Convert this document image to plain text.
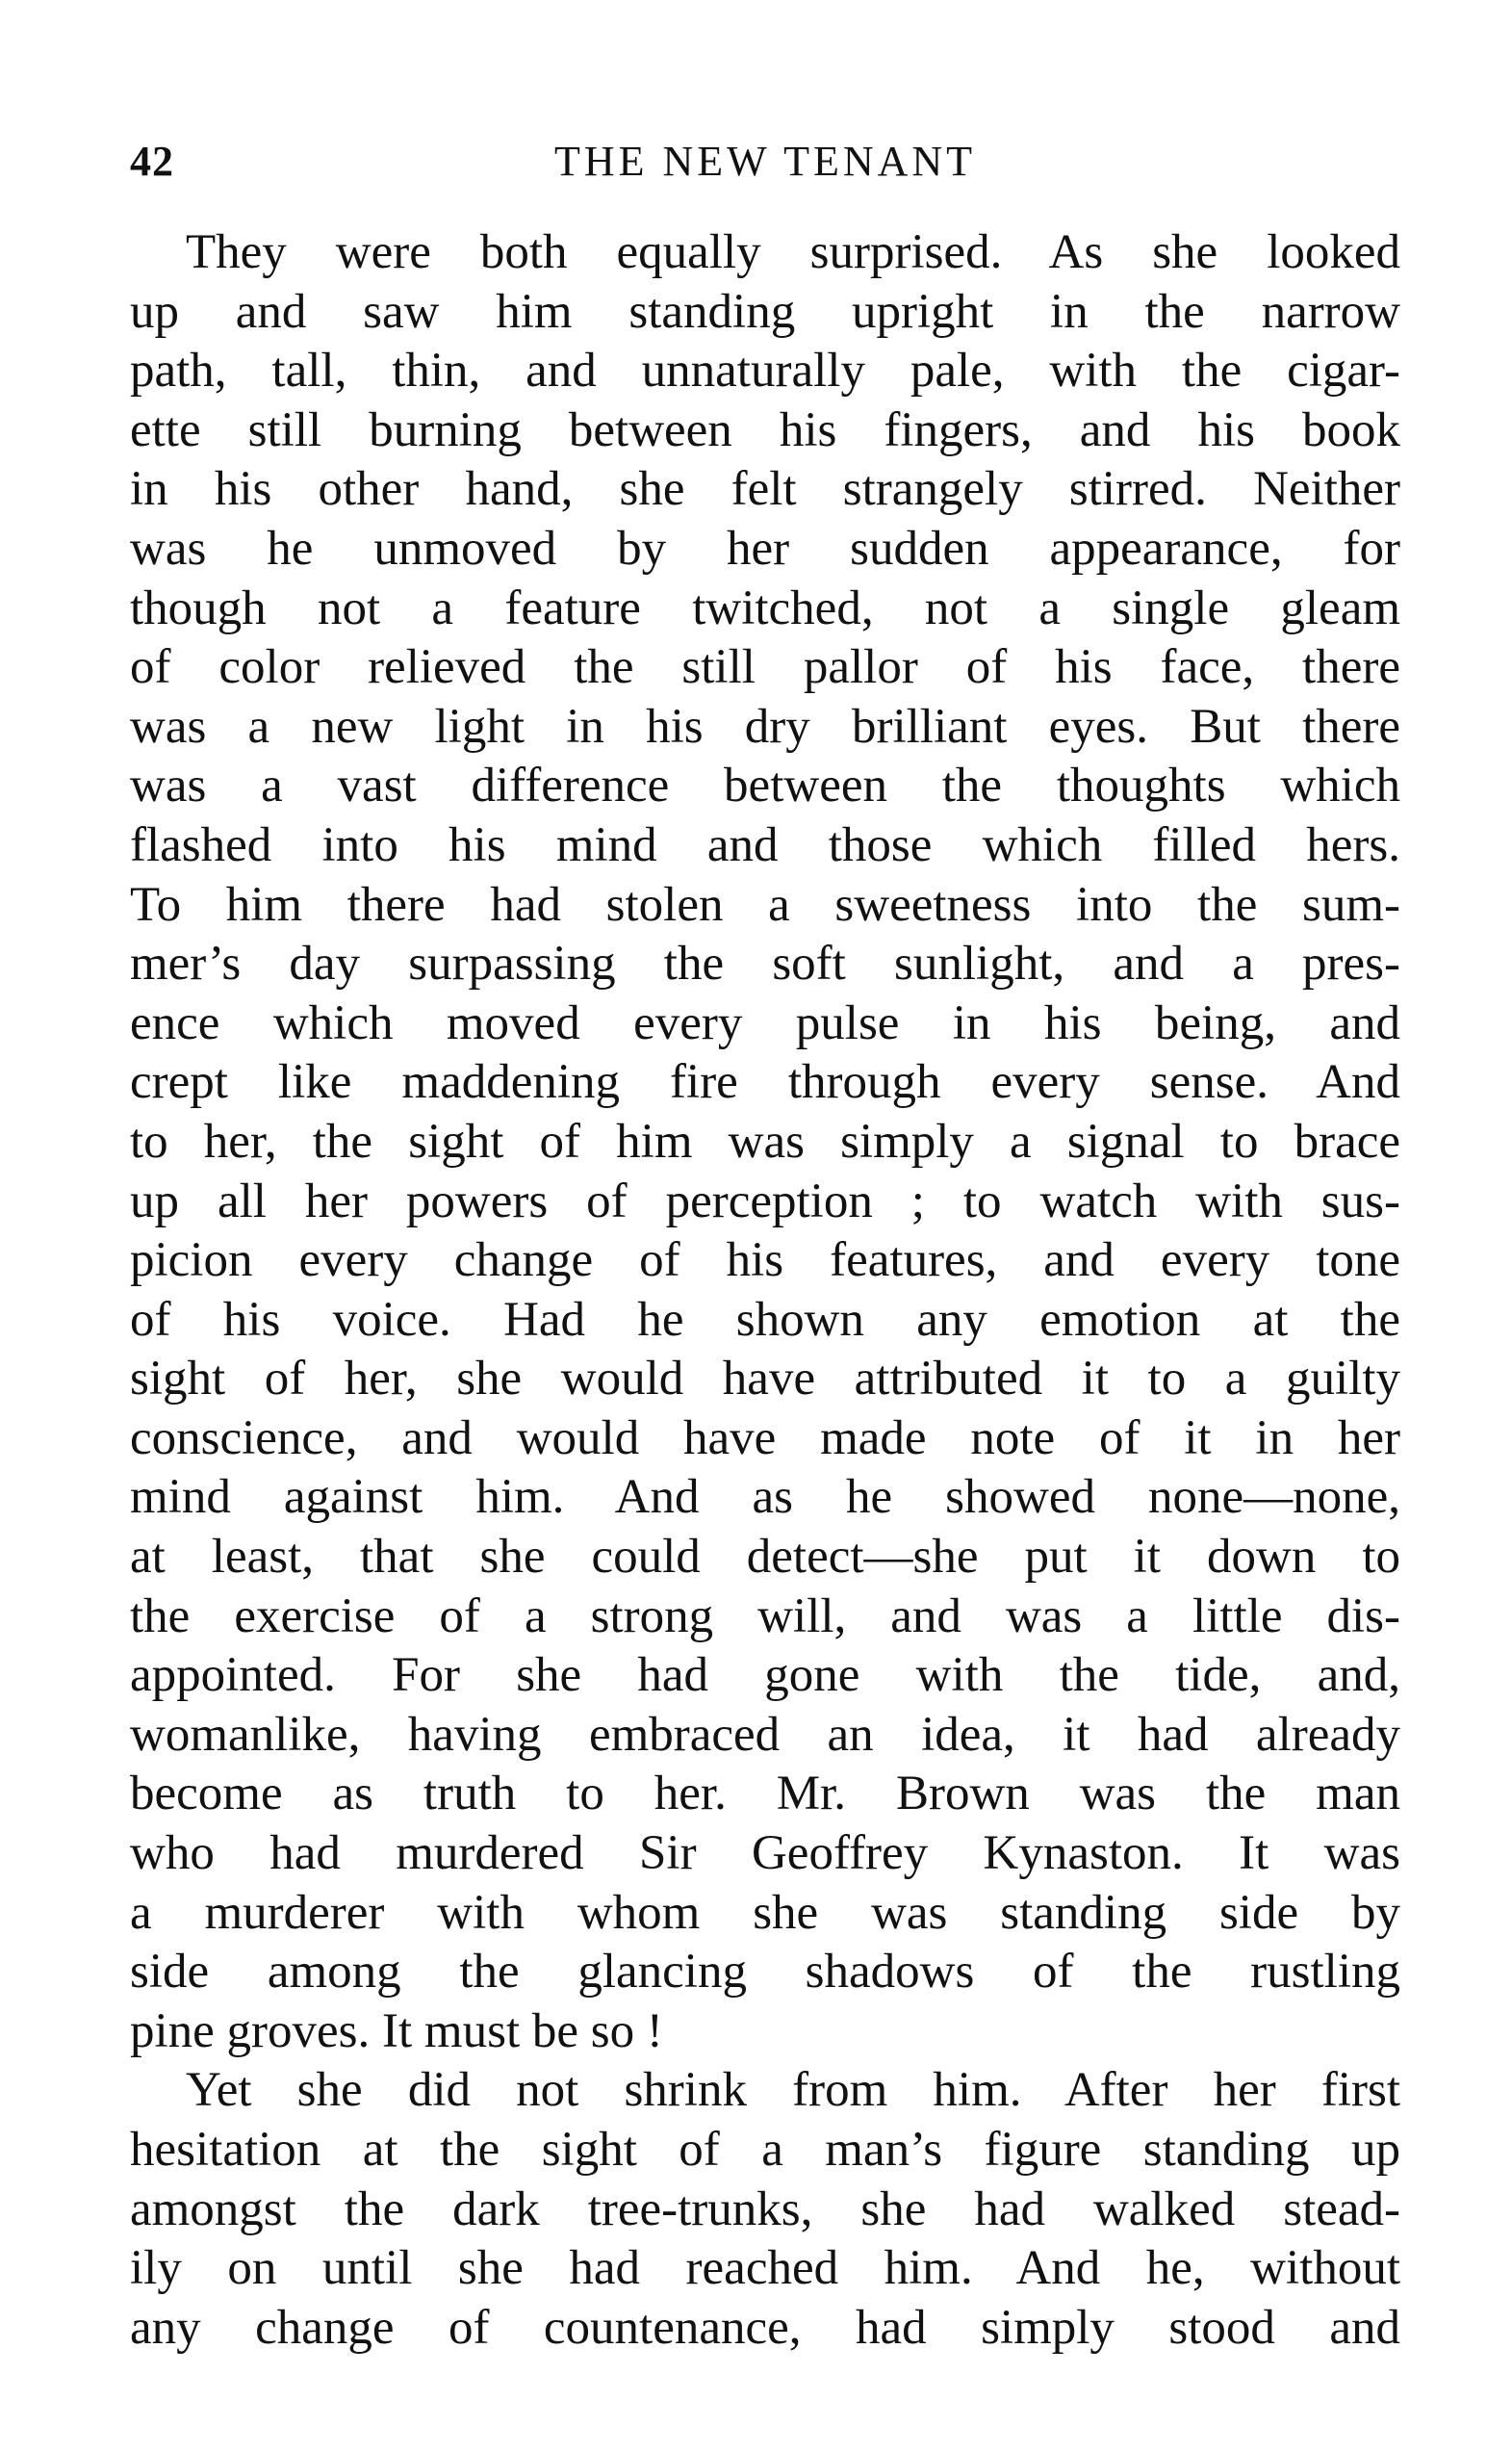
42	THE NEW TENANT
They were both equally surprised. As she looked
up and saw him standing upright in the narrow
path, tall, thin, and unnaturally pale, with the cigar-
ette still burning between his fingers, and his book
in his other hand, she felt strangely stirred. Neither
was he unmoved by her sudden appearance, for
though not a feature twitched, not a single gleam
of color relieved the still pallor of his face, there
was a new light in his dry brilliant eyes. But there
was a vast difference between the thoughts which
flashed into his mind and those which filled hers.
To him there had stolen a sweetness into the sum-
mer’s day surpassing the soft sunlight, and a pres-
ence which moved every pulse in his being, and
crept like maddening fire through every sense. And
to her, the sight of him was simply a signal to brace
up all her powers of perception ; to watch with sus-
picion every change of his features, and every tone
of his voice. Had he shown any emotion at the
sight of her, she would have attributed it to a guilty
conscience, and would have made note of it in her
mind against him. And as he showed none—none,
at least, that she could detect—she put it down to
the exercise of a strong will, and was a little dis-
appointed. For she had gone with the tide, and,
womanlike, having embraced an idea, it had already
become as truth to her. Mr. Brown was the man
who had murdered Sir Geoffrey Kynaston. It was
a murderer with whom she was standing side by
side among the glancing shadows of the rustling
pine groves. It must be so !
Yet she did not shrink from him. After her first
hesitation at the sight of a man’s figure standing up
amongst the dark tree-trunks, she had walked stead-
ily on until she had reached him. And he, without
any change of countenance, had simply stood and
